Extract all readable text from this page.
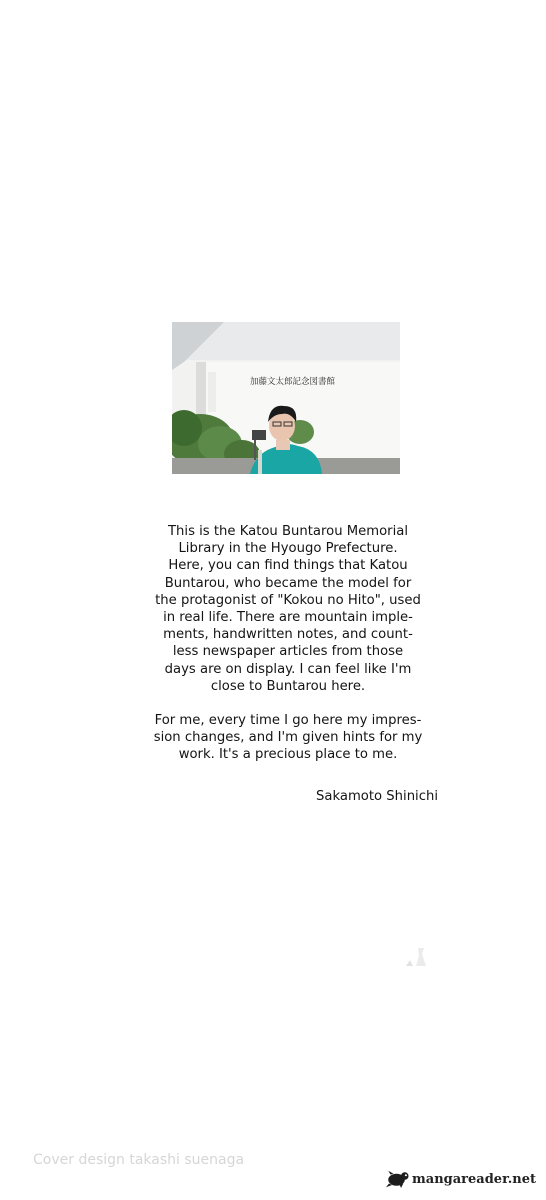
加藤文太郎記念図書館

This is the Katou Buntarou Memorial
Library in the Hyougo Prefecture.
Here, you can find things that Katou
Buntarou, who became the model for
the protagonist of "Kokou no Hito", used
in real life. There are mountain imple-
ments, handwritten notes, and count-
less newspaper articles from those
days are on display. I can feel like I'm
close to Buntarou here.

For me, every time I go here my impres-
sion changes, and I'm given hints for my
work. It's a precious place to me.

Sakamoto Shinichi
Cover design takashi suenaga
mangareader.net
